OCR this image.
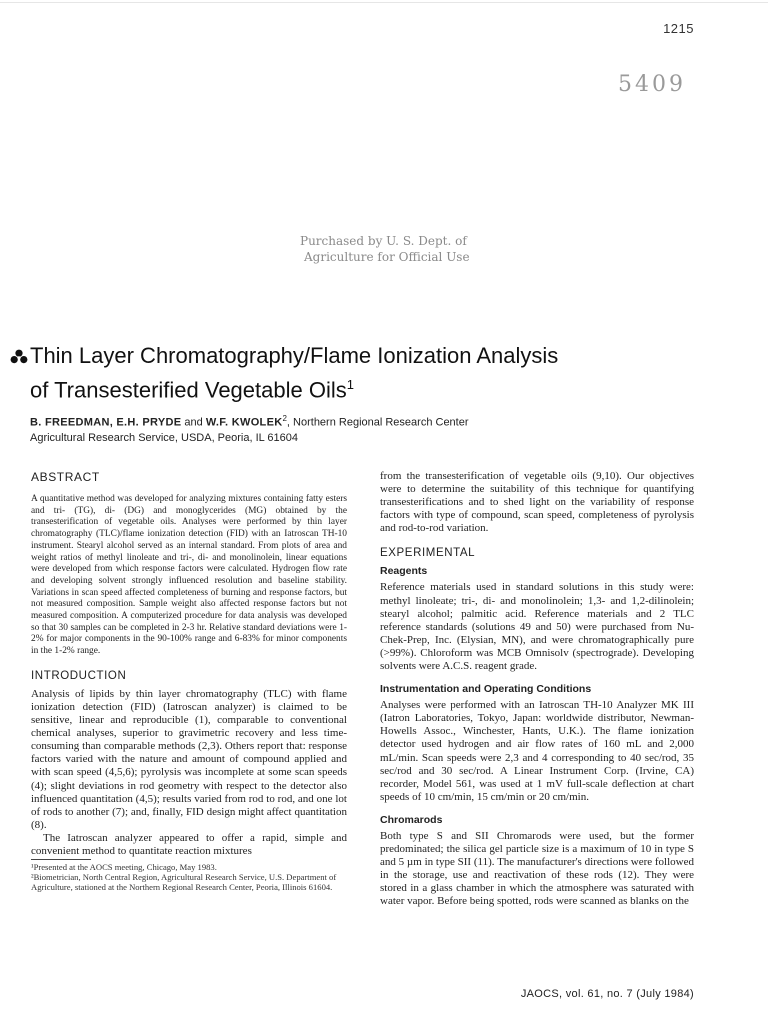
1215
5409
Purchased by U. S. Dept. of
Agriculture for Official Use
Thin Layer Chromatography/Flame Ionization Analysis
of Transesterified Vegetable Oils$^1$
B. FREEDMAN, E.H. PRYDE and W.F. KWOLEK$^2$, Northern Regional Research Center
Agricultural Research Service, USDA, Peoria, IL 61604
ABSTRACT

A quantitative method was developed for analyzing mixtures containing fatty esters and tri- (TG), di- (DG) and monoglycerides (MG) obtained by the transesterification of vegetable oils. Analyses were performed by thin layer chromatography (TLC)/flame ionization detection (FID) with an Iatroscan TH-10 instrument. Stearyl alcohol served as an internal standard. From plots of area and weight ratios of methyl linoleate and tri-, di- and monolinolein, linear equations were developed from which response factors were calculated. Hydrogen flow rate and developing solvent strongly influenced resolution and baseline stability. Variations in scan speed affected completeness of burning and response factors, but not measured composition. Sample weight also affected response factors but not measured composition. A computerized procedure for data analysis was developed so that 30 samples can be completed in 2-3 hr. Relative standard deviations were 1-2% for major components in the 90-100% range and 6-83% for minor components in the 1-2% range.

INTRODUCTION

Analysis of lipids by thin layer chromatography (TLC) with flame ionization detection (FID) (Iatroscan analyzer) is claimed to be sensitive, linear and reproducible (1), comparable to conventional chemical analyses, superior to gravimetric recovery and less time-consuming than comparable methods (2,3). Others report that: response factors varied with the nature and amount of compound applied and with scan speed (4,5,6); pyrolysis was incomplete at some scan speeds (4); slight deviations in rod geometry with respect to the detector also influenced quantitation (4,5); results varied from rod to rod, and one lot of rods to another (7); and, finally, FID design might affect quantitation (8).

The Iatroscan analyzer appeared to offer a rapid, simple and convenient method to quantitate reaction mixtures

¹Presented at the AOCS meeting, Chicago, May 1983.

²Biometrician, North Central Region, Agricultural Research Service, U.S. Department of Agriculture, stationed at the Northern Regional Research Center, Peoria, Illinois 61604.

from the transesterification of vegetable oils (9,10). Our objectives were to determine the suitability of this technique for quantifying transesterifications and to shed light on the variability of response factors with type of compound, scan speed, completeness of pyrolysis and rod-to-rod variation.

EXPERIMENTAL
Reagents

Reference materials used in standard solutions in this study were: methyl linoleate; tri-, di- and monolinolein; 1,3- and 1,2-dilinolein; stearyl alcohol; palmitic acid. Reference materials and 2 TLC reference standards (solutions 49 and 50) were purchased from Nu-Chek-Prep, Inc. (Elysian, MN), and were chromatographically pure (>99%). Chloroform was MCB Omnisolv (spectrograde). Developing solvents were A.C.S. reagent grade.

Instrumentation and Operating Conditions

Analyses were performed with an Iatroscan TH-10 Analyzer MK III (Iatron Laboratories, Tokyo, Japan: worldwide distributor, Newman-Howells Assoc., Winchester, Hants, U.K.). The flame ionization detector used hydrogen and air flow rates of 160 mL and 2,000 mL/min. Scan speeds were 2,3 and 4 corresponding to 40 sec/rod, 35 sec/rod and 30 sec/rod. A Linear Instrument Corp. (Irvine, CA) recorder, Model 561, was used at 1 mV full-scale deflection at chart speeds of 10 cm/min, 15 cm/min or 20 cm/min.

Chromarods

Both type S and SII Chromarods were used, but the former predominated; the silica gel particle size is a maximum of 10 in type S and 5 µm in type SII (11). The manufacturer's directions were followed in the storage, use and reactivation of these rods (12). They were stored in a glass chamber in which the atmosphere was saturated with water vapor. Before being spotted, rods were scanned as blanks on the

JAOCS, vol. 61, no. 7 (July 1984)
